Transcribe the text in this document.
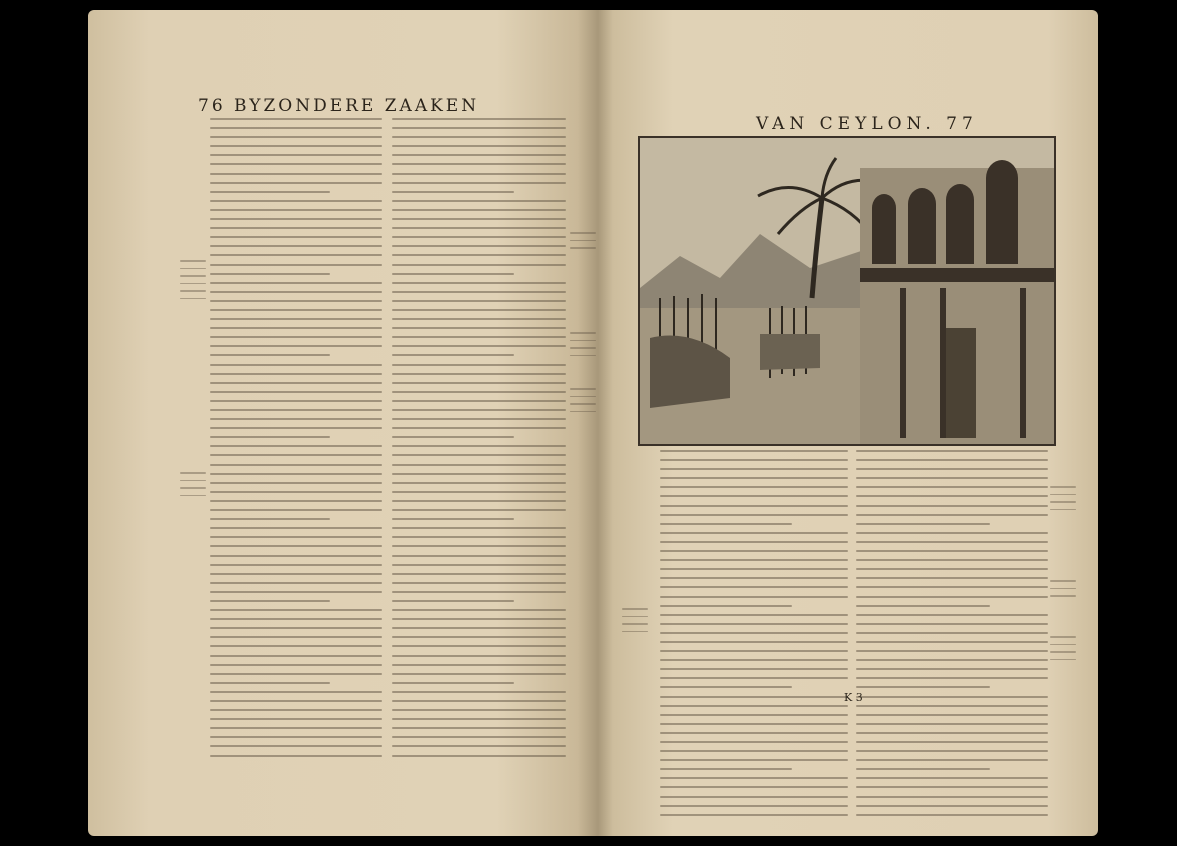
76 BYZONDERE ZAAKEN
VAN CEYLON. 77
K 3
